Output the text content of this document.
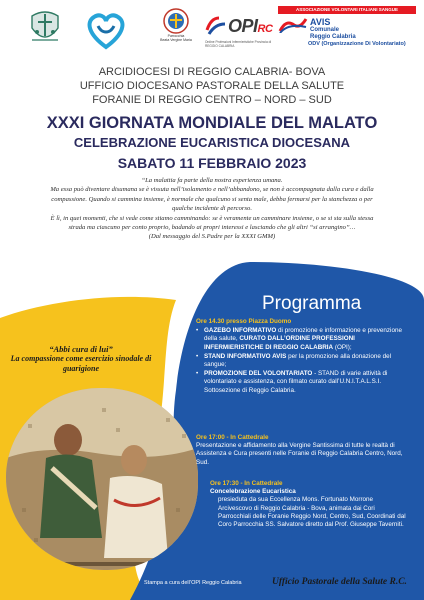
Parrocchia
Beata Vergine Maria
OPIRC
Ordine Professioni Infermieristiche Provincia di REGGIO CALABRIA
ASSOCIAZIONE VOLONTARI ITALIANI SANGUE
AVIS
Comunale
Reggio Calabria
ODV (Organizzazione Di Volontariato)
ARCIDIOCESI DI REGGIO CALABRIA- BOVA
UFFICIO DIOCESANO PASTORALE DELLA SALUTE
FORANIE DI REGGIO CENTRO – NORD – SUD
XXXI GIORNATA MONDIALE DEL MALATO
CELEBRAZIONE EUCARISTICA DIOCESANA
SABATO 11 FEBBRAIO 2023
“La malattia fa parte della nostra esperienza umana.
Ma essa può diventare disumana se è vissuta nell’isolamento e nell’abbandono, se non è accompagnata dalla cura e dalla
compassione. Quando si cammina insieme, è normale che qualcuno si senta male, debba fermarsi per la stanchezza o per
qualche incidente di percorso.
È lì, in quei momenti, che si vede come stiamo camminando: se è veramente un camminare insieme, o se si sta sulla stessa
strada ma ciascuno per conto proprio, badando ai propri interessi e lasciando che gli altri “si arrangino”…
(Dal messaggio del S.Padre per la XXXI GMM)
“Abbi cura di lui”
La compassione come esercizio sinodale di guarigione
Programma
Ore 14.30 presso Piazza Duomo
• GAZEBO INFORMATIVO di promozione e informazione e prevenzione della salute, CURATO DALL’ORDINE PROFESSIONI INFERMIERISTICHE DI REGGIO CALABRIA (OPI);
• STAND INFORMATIVO AVIS per la promozione alla donazione del sangue;
• PROMOZIONE DEL VOLONTARIATO - STAND di varie attività di volontariato e assistenza, con filmato curato dall’U.N.I.T.A.L.S.I. Sottosezione di Reggio Calabria.
Ore 17:00 - In Cattedrale
Presentazione e affidamento alla Vergine Santissima di tutte le realtà di Assistenza e Cura presenti nelle Foranie di Reggio Calabria Centro, Nord, Sud.
Ore 17:30 - In Cattedrale
Concelebrazione Eucaristica
presieduta da sua Eccellenza Mons. Fortunato Morrone Arcivescovo di Reggio Calabria - Bova, animata dai Cori Parrocchiali delle Foranie Reggio Nord, Centro, Sud, Coordinati dal Coro Parrocchia SS. Salvatore diretto dal Prof. Giuseppe Taverniti.
Stampa a cura dell’OPI Reggio Calabria	Ufficio Pastorale della Salute R.C.
